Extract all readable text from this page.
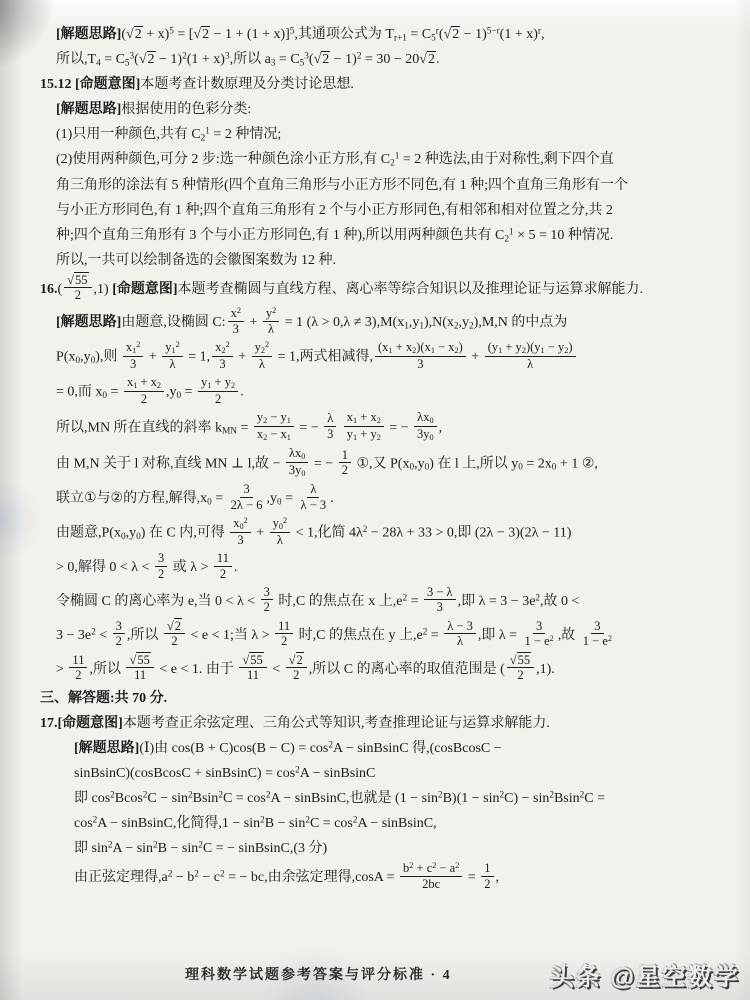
[解题思路]$(√2 + x)^5 = [√2 - 1 + (1 + x)]^5$,其通项公式为 $T_{r+1} = C_5^r(√2 - 1)^{5-r}(1 + x)^r$,
所以$,T_4 = C_5^3(√2 - 1)^2(1 + x)^3$,所以 $a_3 = C_5^3(√2 - 1)^2 = 30 - 20√2$.
15.12 [命题意图]本题考查计数原理及分类讨论思想.
[解题思路]根据使用的色彩分类:
(1)只用一种颜色,共有 $C_2^1 = 2$ 种情况;
(2)使用两种颜色,可分 2 步:选一种颜色涂小正方形,有 $C_2^1 = 2$ 种选法,由于对称性,剩下四个直
角三角形的涂法有 5 种情形(四个直角三角形与小正方形不同色,有 1 种;四个直角三角形有一个
与小正方形同色,有 1 种;四个直角三角形有 2 个与小正方形同色,有相邻和相对位置之分,共 2
种;四个直角三角形有 3 个与小正方形同色,有 1 种),所以用两种颜色共有 $C_2^1 \times 5 = 10$ 种情况.
所以,一共可以绘制备选的会徽图案数为 12 种.
$16.( \frac{√55}{2} ,1)$ [命题意图]本题考查椭圆与直线方程、离心率等综合知识以及推理论证与运算求解能力.
[解题思路]由题意,设椭圆 C: $\frac{x^2}{3} + \frac{y^2}{\lambda} = 1$ $(\lambda > 0,\lambda \ne 3),M(x_1,y_1),N(x_2,y_2),M,N$ 的中点为
$P(x_0,y_0)$,则 $\frac{x_1^2}{3} + \frac{y_1^2}{\lambda} = 1$, $\frac{x_2^2}{3} + \frac{y_2^2}{\lambda} = 1$,两式相减得, $\frac{(x_1 + x_2)(x_1 - x_2)}{3} + \frac{(y_1 + y_2)(y_1 - y_2)}{\lambda}$
= 0,而 $x_0 = \frac{x_1 + x_2}{2} ,y_0 = \frac{y_1 + y_2}{2}$ .
所以,MN 所在直线的斜率 $k_{MN} = \frac{y_2 - y_1}{x_2 - x_1}$ = − $\frac{\lambda}{3}$
$\frac{x_1 + x_2}{y_1 + y_2}$ = − $\frac{\lambda x_0}{3y_0}$ ,
由 M,N 关于 l 对称,直线 MN ⊥ l,故 − $\frac{\lambda x_0}{3y_0}$ = − $\frac{1}{2}$ ①,又 $P(x_0,y_0)$ 在 l 上,所以 $y_0 = 2x_0 + 1$ ②,
联立①与②的方程,解得$,x_0 = \frac{3}{2\lambda - 6} ,y_0 = \frac{\lambda}{\lambda - 3}$ .
由题意$,P(x_0,y_0)$ 在 C 内,可得 $\frac{x_0^2}{3} + \frac{y_0^2}{\lambda} < 1$,化简 $4\lambda^2 - 28\lambda + 33 > 0$,即 (2λ − 3)(2λ − 11)
> 0,解得 $0 < \lambda < \frac{3}{2}$ 或 $\lambda > \frac{11}{2}$ .
令椭圆 C 的离心率为 e,当 $0 < \lambda < \frac{3}{2}$ 时,C 的焦点在 x 上$,e^2 = \frac{3 - \lambda}{3}$ ,即 $\lambda = 3 - 3e^2$,故 0 <
$3 - 3e^2 < \frac{3}{2}$ ,所以 $\frac{√2}{2} < e < 1$;当 $\lambda > \frac{11}{2}$ 时,C 的焦点在 y 上$,e^2 = \frac{\lambda - 3}{\lambda}$ ,即 $\lambda = \frac{3}{1 - e^2}$ ,故 $\frac{3}{1 - e^2}$
> $\frac{11}{2}$ ,所以 $\frac{√55}{11} < e < 1$. 由于 $\frac{√55}{11} < \frac{√2}{2}$ ,所以 C 的离心率的取值范围是 ( $\frac{√55}{2} ,1$).
三、解答题:共 70 分.
17.[命题意图]本题考查正余弦定理、三角公式等知识,考查推理论证与运算求解能力.
[解题思路](Ⅰ)由 $\cos(B + C)\cos(B - C) = \cos^2A$ − sinBsinC 得,(cosBcosC −
sinBsinC)(cosBcosC + sinBsinC) = $\cos^2A$ − sinBsinC
即 $\cos^2Bcos^2C - \sin^2Bsin^2C = \cos^2A$ − sinBsinC,也就是 $(1 - \sin^2B)(1 - \sin^2C) - \sin^2Bsin^2C$ =
$\cos^2A$ − sinBsinC,化简得$,1 - \sin^2B - \sin^2C = \cos^2A$ − sinBsinC,
即 $\sin^2A - \sin^2B - \sin^2C$ = − sinBsinC,(3 分)
由正弦定理得$,a^2 - b^2 - c^2$ = − bc,由余弦定理得$,\cos A = \frac{b^2 + c^2 - a^2}{2bc} = \frac{1}{2}$ ,
理科数学试题参考答案与评分标准 · 4	头条 @星空数学
